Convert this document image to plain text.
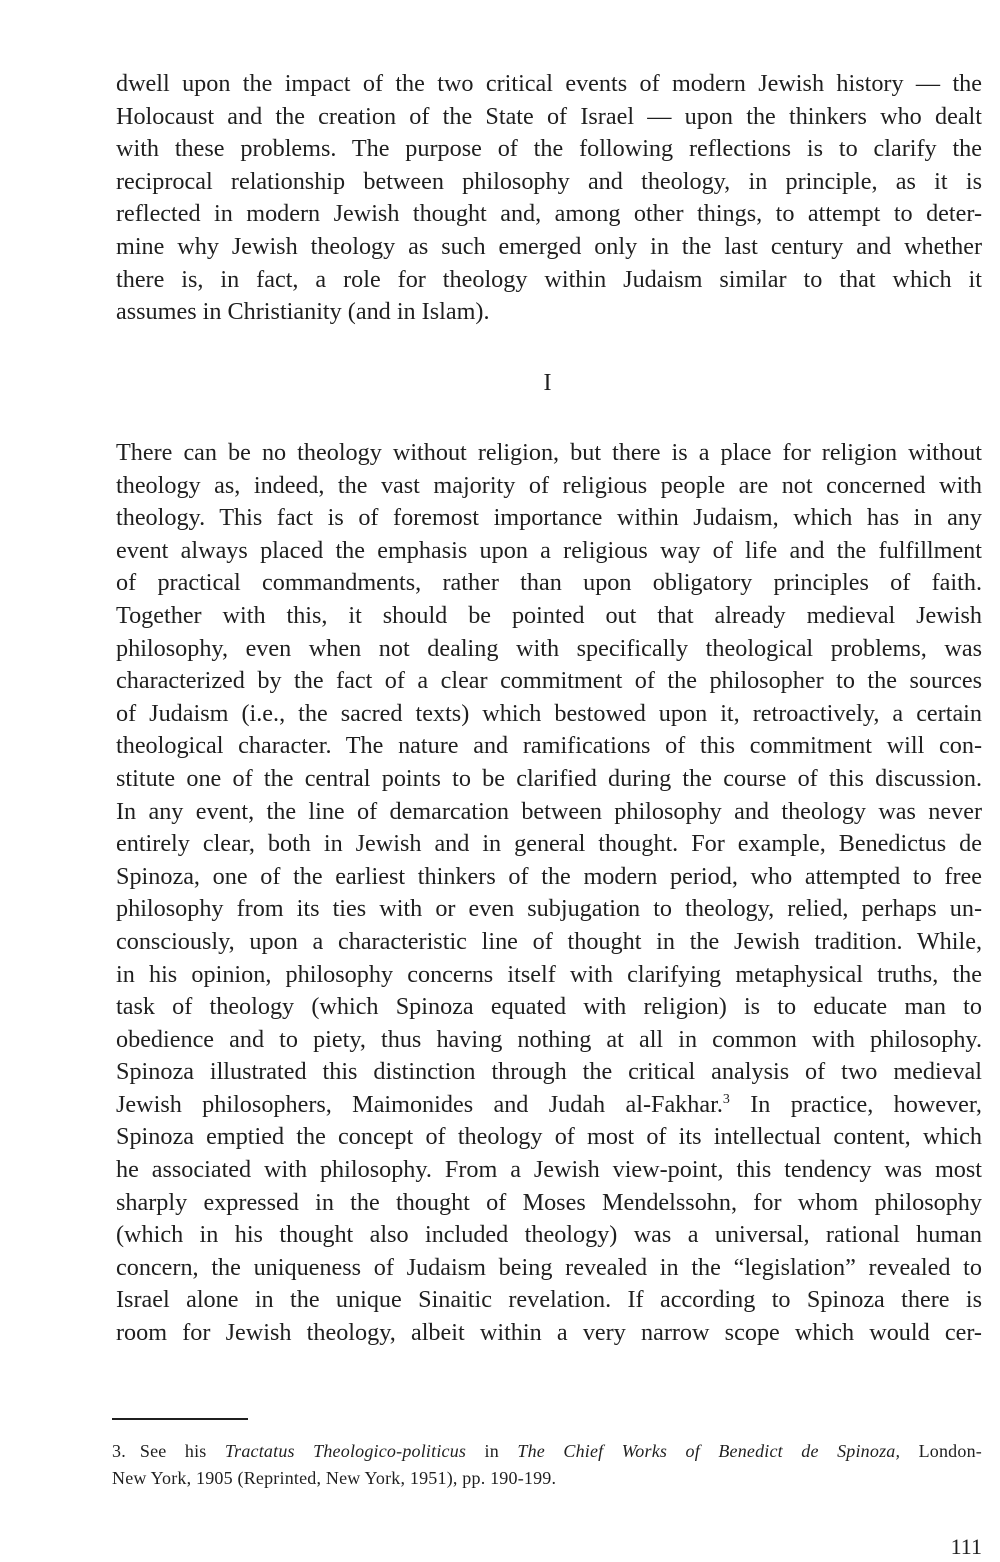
dwell upon the impact of the two critical events of modern Jewish history — the
Holocaust and the creation of the State of Israel — upon the thinkers who dealt
with these problems. The purpose of the following reflections is to clarify the
reciprocal relationship between philosophy and theology, in principle, as it is
reflected in modern Jewish thought and, among other things, to attempt to deter-
mine why Jewish theology as such emerged only in the last century and whether
there is, in fact, a role for theology within Judaism similar to that which it
assumes in Christianity (and in Islam).
I
There can be no theology without religion, but there is a place for religion without
theology as, indeed, the vast majority of religious people are not concerned with
theology. This fact is of foremost importance within Judaism, which has in any
event always placed the emphasis upon a religious way of life and the fulfillment
of practical commandments, rather than upon obligatory principles of faith.
Together with this, it should be pointed out that already medieval Jewish
philosophy, even when not dealing with specifically theological problems, was
characterized by the fact of a clear commitment of the philosopher to the sources
of Judaism (i.e., the sacred texts) which bestowed upon it, retroactively, a certain
theological character. The nature and ramifications of this commitment will con-
stitute one of the central points to be clarified during the course of this discussion.
In any event, the line of demarcation between philosophy and theology was never
entirely clear, both in Jewish and in general thought. For example, Benedictus de
Spinoza, one of the earliest thinkers of the modern period, who attempted to free
philosophy from its ties with or even subjugation to theology, relied, perhaps un-
consciously, upon a characteristic line of thought in the Jewish tradition. While,
in his opinion, philosophy concerns itself with clarifying metaphysical truths, the
task of theology (which Spinoza equated with religion) is to educate man to
obedience and to piety, thus having nothing at all in common with philosophy.
Spinoza illustrated this distinction through the critical analysis of two medieval
Jewish philosophers, Maimonides and Judah al-Fakhar.$^3$ In practice, however,
Spinoza emptied the concept of theology of most of its intellectual content, which
he associated with philosophy. From a Jewish view-point, this tendency was most
sharply expressed in the thought of Moses Mendelssohn, for whom philosophy
(which in his thought also included theology) was a universal, rational human
concern, the uniqueness of Judaism being revealed in the “legislation” revealed to
Israel alone in the unique Sinaitic revelation. If according to Spinoza there is
room for Jewish theology, albeit within a very narrow scope which would cer-
3. See his Tractatus Theologico-politicus in The Chief Works of Benedict de Spinoza, London-
New York, 1905 (Reprinted, New York, 1951), pp. 190-199.
111
